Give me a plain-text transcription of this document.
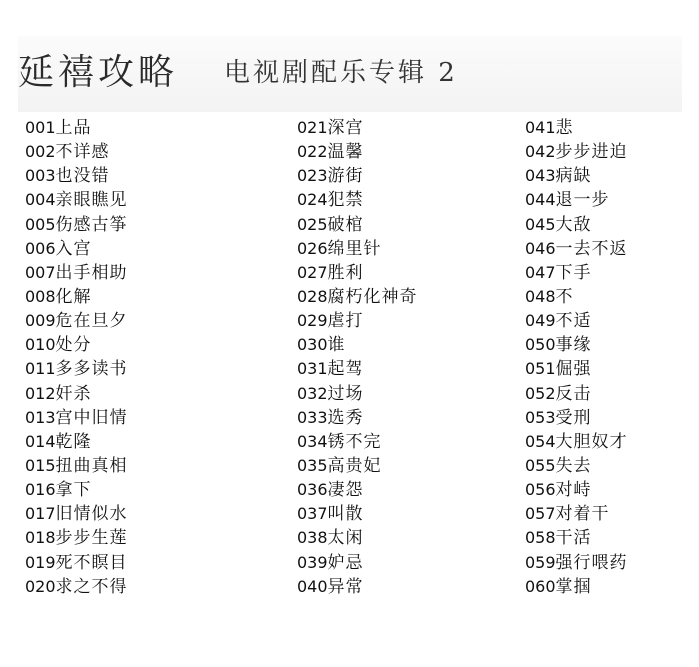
延禧攻略 电视剧配乐专辑 2
001上品
002不详感
003也没错
004亲眼瞧见
005伤感古筝
006入宫
007出手相助
008化解
009危在旦夕
010处分
011多多读书
012奸杀
013宫中旧情
014乾隆
015扭曲真相
016拿下
017旧情似水
018步步生莲
019死不瞑目
020求之不得
021深宫
022温馨
023游街
024犯禁
025破棺
026绵里针
027胜利
028腐朽化神奇
029虐打
030谁
031起驾
032过场
033选秀
034锈不完
035高贵妃
036凄怨
037叫散
038太闲
039妒忌
040异常
041悲
042步步进迫
043病缺
044退一步
045大敌
046一去不返
047下手
048不
049不适
050事缘
051倔强
052反击
053受刑
054大胆奴才
055失去
056对峙
057对着干
058干活
059强行喂药
060掌掴
